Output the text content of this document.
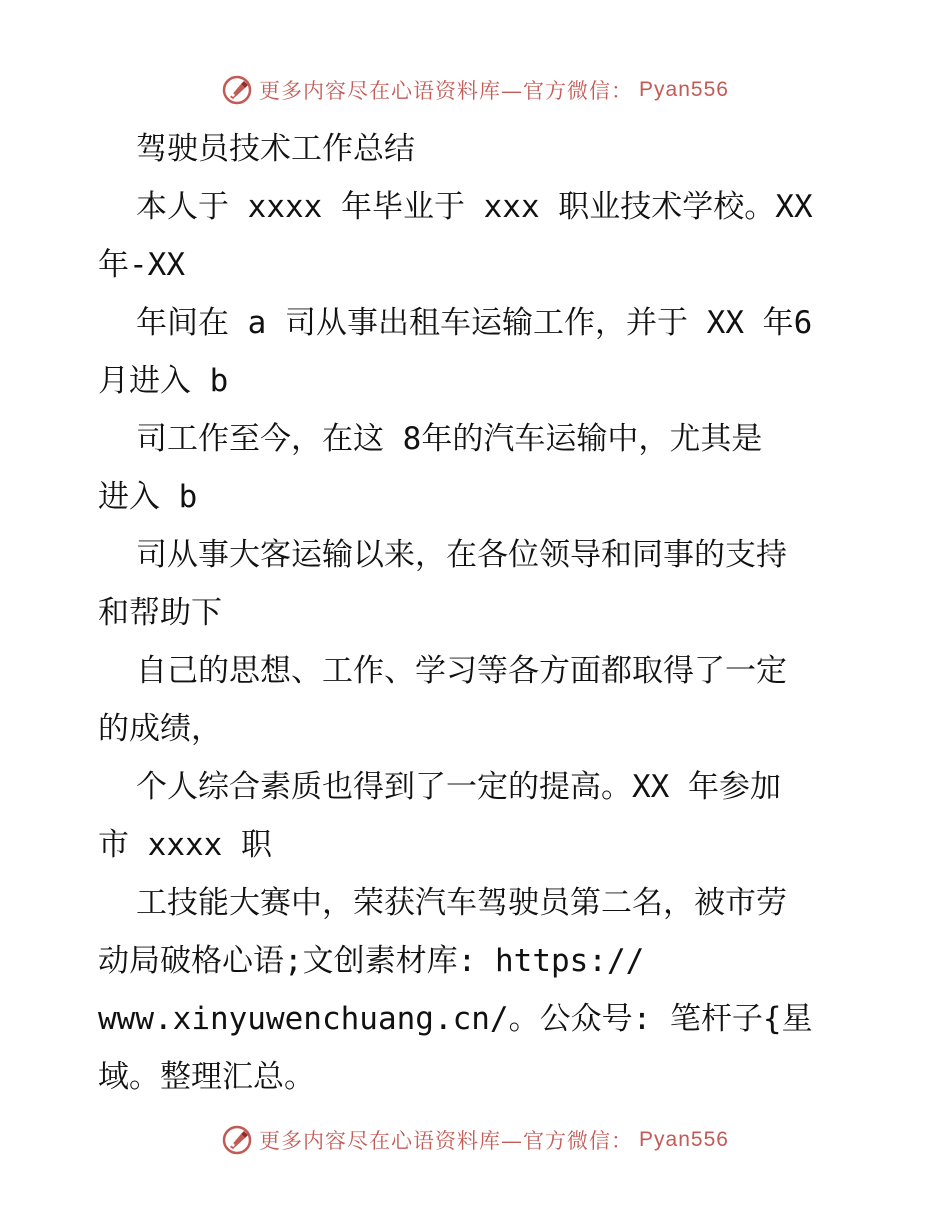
更多内容尽在心语资料库—官方微信： Pyan556
驾驶员技术工作总结
本人于 xxxx 年毕业于 xxx 职业技术学校。XX
年-XX
年间在 a 司从事出租车运输工作，并于 XX 年6
月进入 b
司工作至今，在这 8年的汽车运输中，尤其是
进入 b
司从事大客运输以来，在各位领导和同事的支持
和帮助下
自己的思想、工作、学习等各方面都取得了一定
的成绩，
个人综合素质也得到了一定的提高。XX 年参加
市 xxxx 职
工技能大赛中，荣获汽车驾驶员第二名，被市劳
动局破格心语;文创素材库: https://
www.xinyuwenchuang.cn/。公众号: 笔杆子{星
域。整理汇总。
更多内容尽在心语资料库—官方微信： Pyan556
